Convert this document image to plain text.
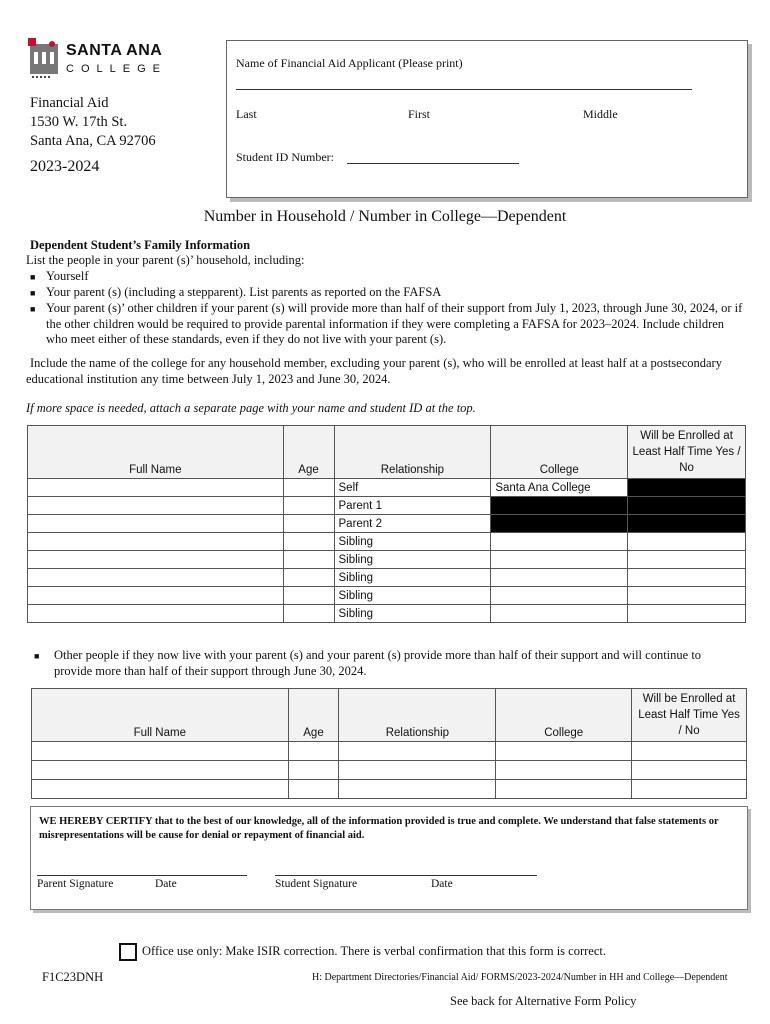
SANTA ANA
COLLEGE
Financial Aid
1530 W. 17th St.
Santa Ana, CA 92706
2023-2024
Name of Financial Aid Applicant (Please print)
Last	First	Middle
Student ID Number:
Number in Household / Number in College—Dependent
Dependent Student’s Family Information
List the people in your parent (s)’ household, including:
■ Yourself
■ Your parent (s) (including a stepparent). List parents as reported on the FAFSA
■ Your parent (s)’ other children if your parent (s) will provide more than half of their support from July 1, 2023, through June 30, 2024, or if the other children would be required to provide parental information if they were completing a FAFSA for 2023–2024. Include children who meet either of these standards, even if they do not live with your parent (s).
Include the name of the college for any household member, excluding your parent (s), who will be enrolled at least half at a postsecondary educational institution any time between July 1, 2023 and June 30, 2024.
If more space is needed, attach a separate page with your name and student ID at the top.
Full Name	Age	Relationship	College	Will be Enrolled at Least Half Time Yes / No
		Self	Santa Ana College	
		Parent 1		
		Parent 2		
		Sibling		
		Sibling		
		Sibling		
		Sibling		
		Sibling		
■ Other people if they now live with your parent (s) and your parent (s) provide more than half of their support and will continue to provide more than half of their support through June 30, 2024.
Full Name	Age	Relationship	College	Will be Enrolled at Least Half Time Yes / No

WE HEREBY CERTIFY that to the best of our knowledge, all of the information provided is true and complete. We understand that false statements or misrepresentations will be cause for denial or repayment of financial aid.
Parent Signature	Date	Student Signature	Date
Office use only: Make ISIR correction. There is verbal confirmation that this form is correct.
F1C23DNH	H: Department Directories/Financial Aid/ FORMS/2023-2024/Number in HH and College—Dependent
See back for Alternative Form Policy
